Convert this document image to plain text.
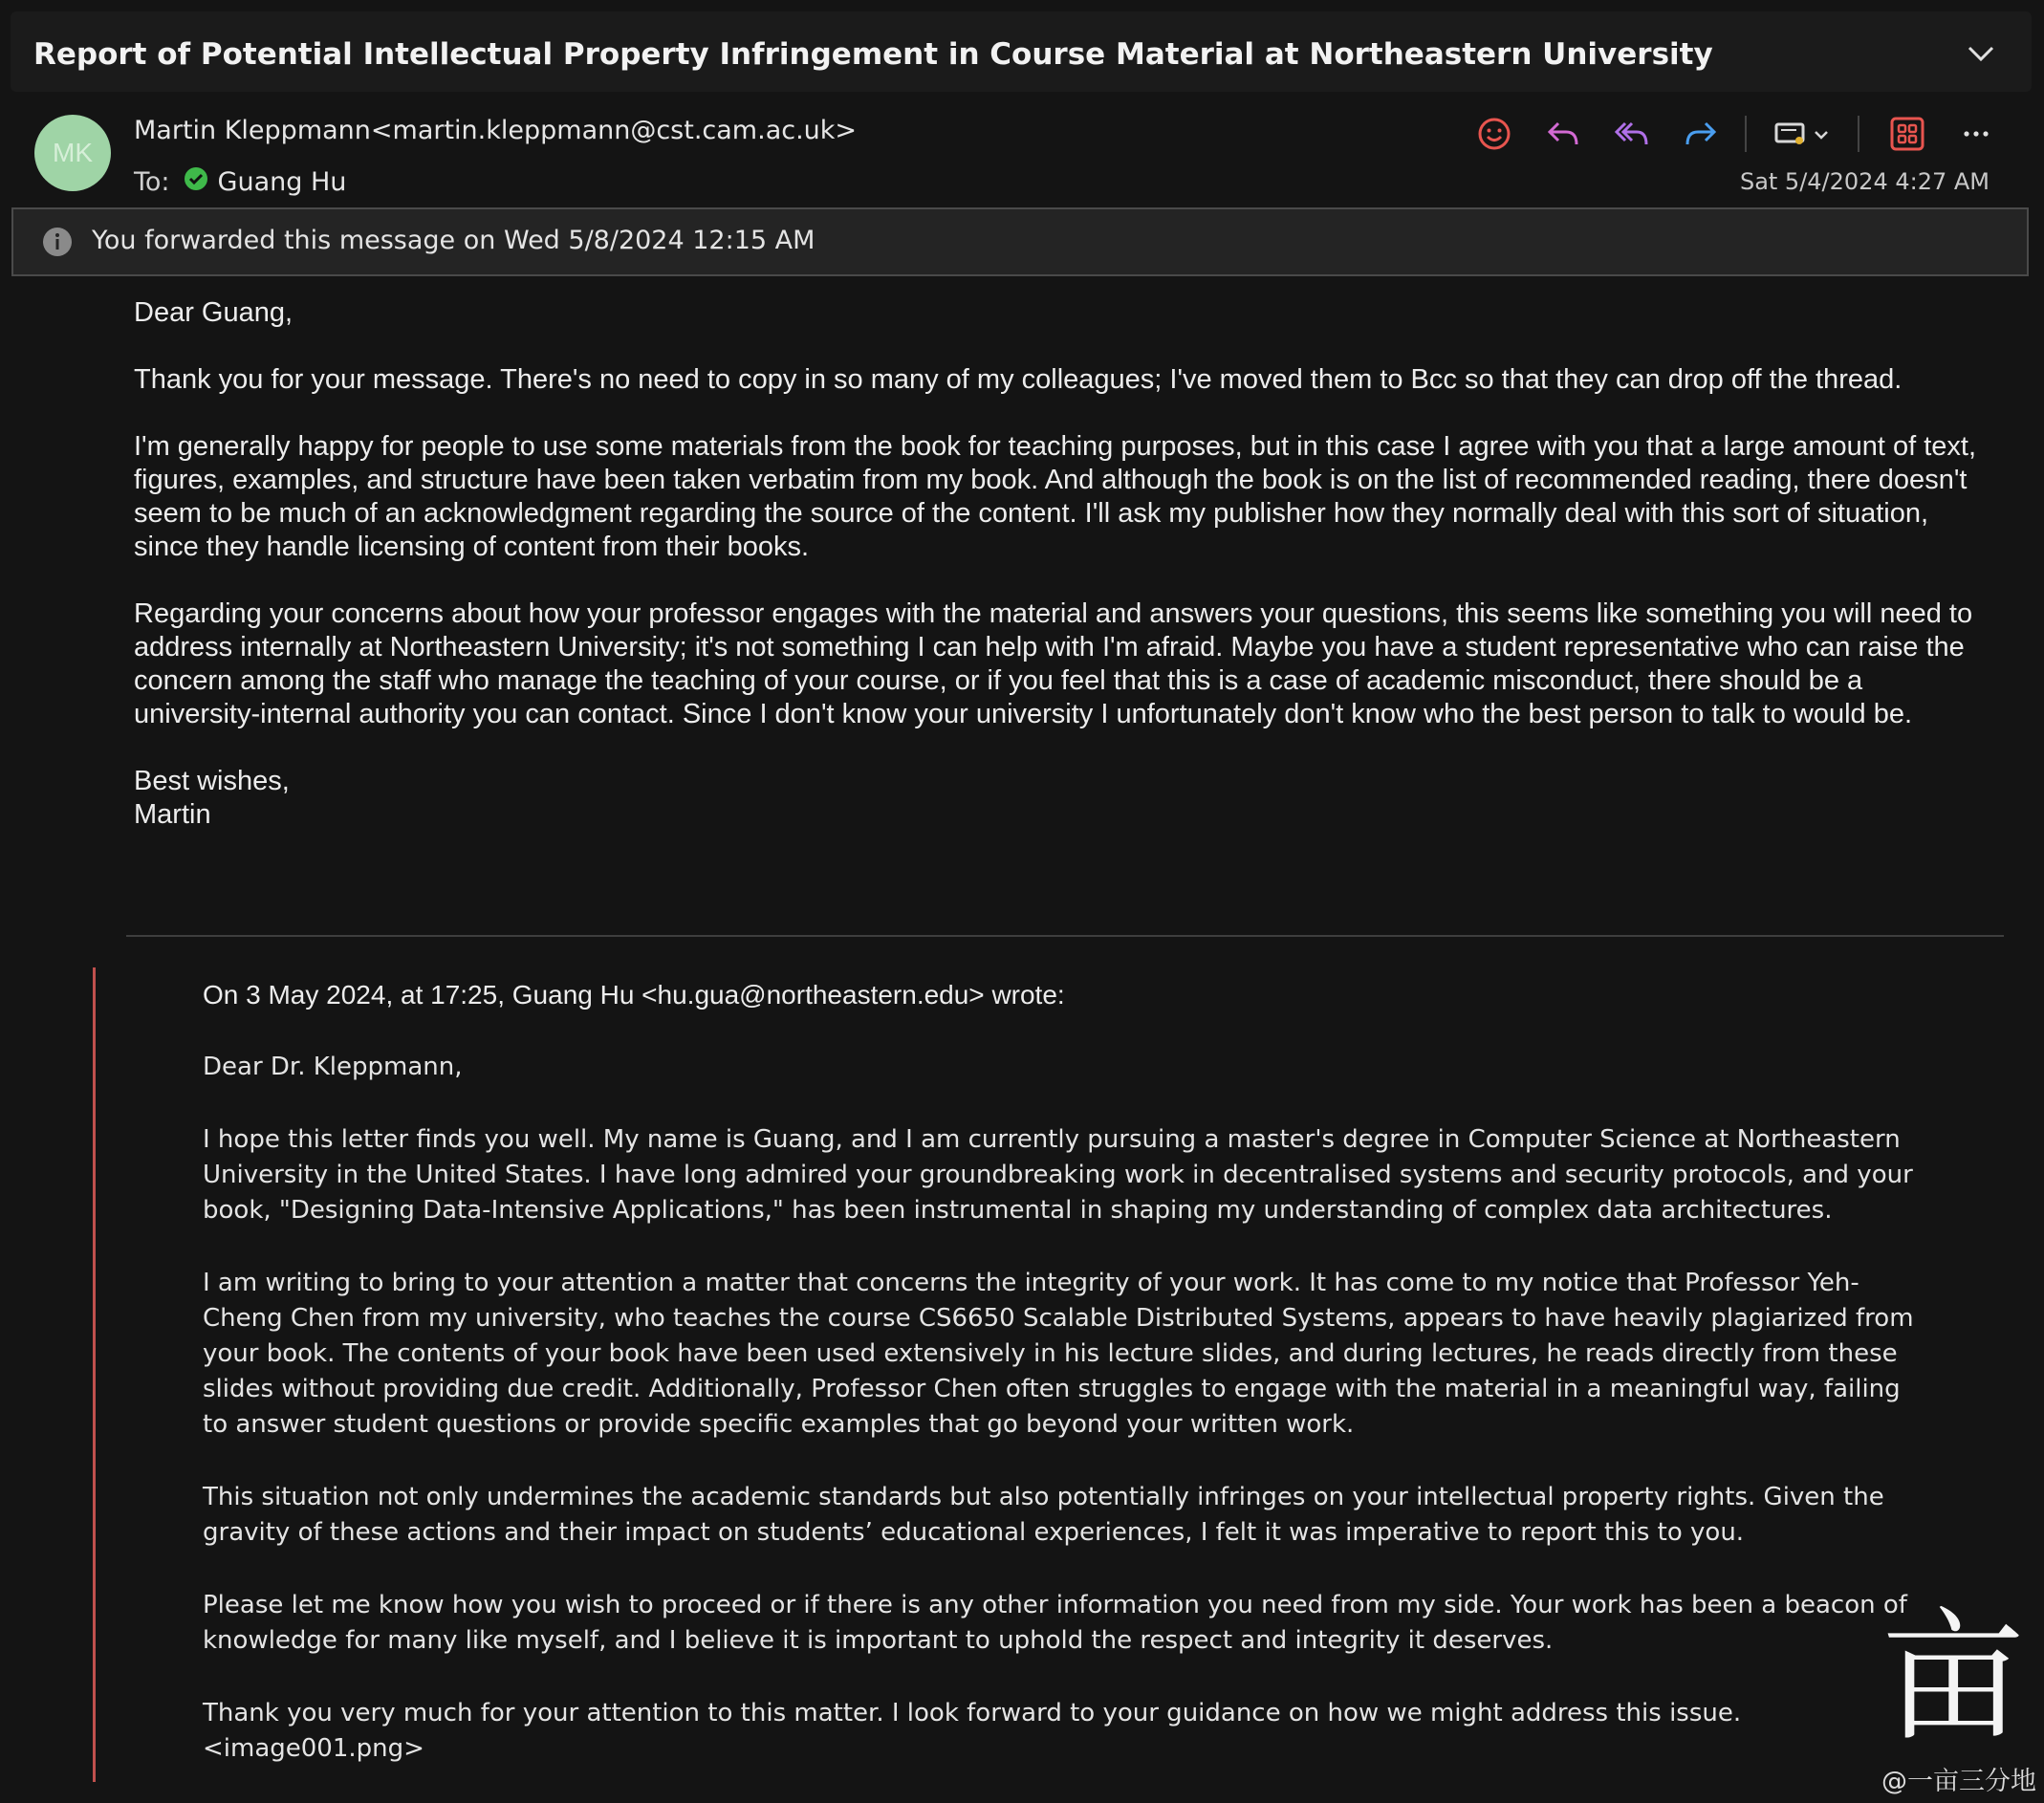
Report of Potential Intellectual Property Infringement in Course Material at Northeastern University
MK
Martin Kleppmann<martin.kleppmann@cst.cam.ac.uk>
To: Guang Hu	Sat 5/4/2024 4:27 AM
You forwarded this message on Wed 5/8/2024 12:15 AM

Dear Guang,

Thank you for your message. There's no need to copy in so many of my colleagues; I've moved them to Bcc so that they can drop off the thread.

I'm generally happy for people to use some materials from the book for teaching purposes, but in this case I agree with you that a large amount of text, figures, examples, and structure have been taken verbatim from my book. And although the book is on the list of recommended reading, there doesn't seem to be much of an acknowledgment regarding the source of the content. I'll ask my publisher how they normally deal with this sort of situation, since they handle licensing of content from their books.

Regarding your concerns about how your professor engages with the material and answers your questions, this seems like something you will need to address internally at Northeastern University; it's not something I can help with I'm afraid. Maybe you have a student representative who can raise the concern among the staff who manage the teaching of your course, or if you feel that this is a case of academic misconduct, there should be a university-internal authority you can contact. Since I don't know your university I unfortunately don't know who the best person to talk to would be.

Best wishes,
Martin
On 3 May 2024, at 17:25, Guang Hu <hu.gua@northeastern.edu> wrote:

Dear Dr. Kleppmann,

I hope this letter finds you well. My name is Guang, and I am currently pursuing a master's degree in Computer Science at Northeastern University in the United States. I have long admired your groundbreaking work in decentralised systems and security protocols, and your book, "Designing Data-Intensive Applications," has been instrumental in shaping my understanding of complex data architectures.

I am writing to bring to your attention a matter that concerns the integrity of your work. It has come to my notice that Professor Yeh-Cheng Chen from my university, who teaches the course CS6650 Scalable Distributed Systems, appears to have heavily plagiarized from your book. The contents of your book have been used extensively in his lecture slides, and during lectures, he reads directly from these slides without providing due credit. Additionally, Professor Chen often struggles to engage with the material in a meaningful way, failing to answer student questions or provide specific examples that go beyond your written work.

This situation not only undermines the academic standards but also potentially infringes on your intellectual property rights. Given the gravity of these actions and their impact on students’ educational experiences, I felt it was imperative to report this to you.

Please let me know how you wish to proceed or if there is any other information you need from my side. Your work has been a beacon of knowledge for many like myself, and I believe it is important to uphold the respect and integrity it deserves.

Thank you very much for your attention to this matter. I look forward to your guidance on how we might address this issue.
<image001.png>	亩
@一亩三分地
